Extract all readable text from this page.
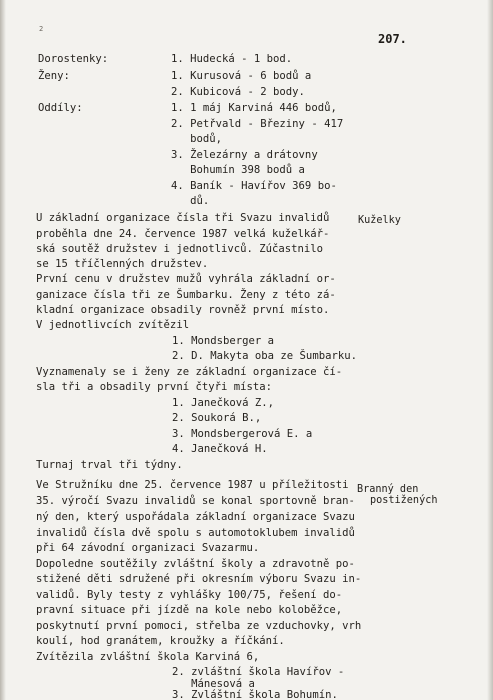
2
207.
Dorostenky:
Ženy:
Oddíly:
1. Hudecká - 1 bod.
1. Kurusová - 6 bodů a
2. Kubicová - 2 body.
1. 1 máj Karviná 446 bodů,
2. Petřvald - Březiny - 417
bodů,
3. Železárny a drátovny
Bohumín 398 bodů a
4. Baník - Havířov 369 bo-
dů.
Kuželky
U základní organizace čísla tři Svazu invalidů
proběhla dne 24. července 1987 velká kuželkář-
ská soutěž družstev i jednotlivců. Zúčastnilo
se 15 tříčlenných družstev.
První cenu v družstev mužů vyhrála základní or-
ganizace čísla tři ze Šumbarku. Ženy z této zá-
kladní organizace obsadily rovněž první místo.
V jednotlivcích zvítězil
1. Mondsberger a
2. D. Makyta oba ze Šumbarku.
Vyznamenaly se i ženy ze základní organizace čí-
sla tři a obsadily první čtyři místa:
1. Janečková Z.,
2. Soukorá B.,
3. Mondsbergerová E. a
4. Janečková H.
Turnaj trval tři týdny.
Branný den
postižených
Ve Stružníku dne 25. července 1987 u příležitosti
35. výročí Svazu invalidů se konal sportovně bran-
ný den, který uspořádala základní organizace Svazu
invalidů čísla dvě spolu s automotoklubem invalidů
při 64 závodní organizaci Svazarmu.
Dopoledne soutěžily zvláštní školy a zdravotně po-
stižené děti sdružené při okresním výboru Svazu in-
validů. Byly testy z vyhlášky 100/75, řešení do-
pravní situace při jízdě na kole nebo koloběžce,
poskytnutí první pomoci, střelba ze vzduchovky, vrh
koulí, hod granátem, kroužky a říčkání.
Zvítězila zvláštní škola Karviná 6,
2. zvláštní škola Havířov -
Mánesová a
3. Zvláštní škola Bohumín.
